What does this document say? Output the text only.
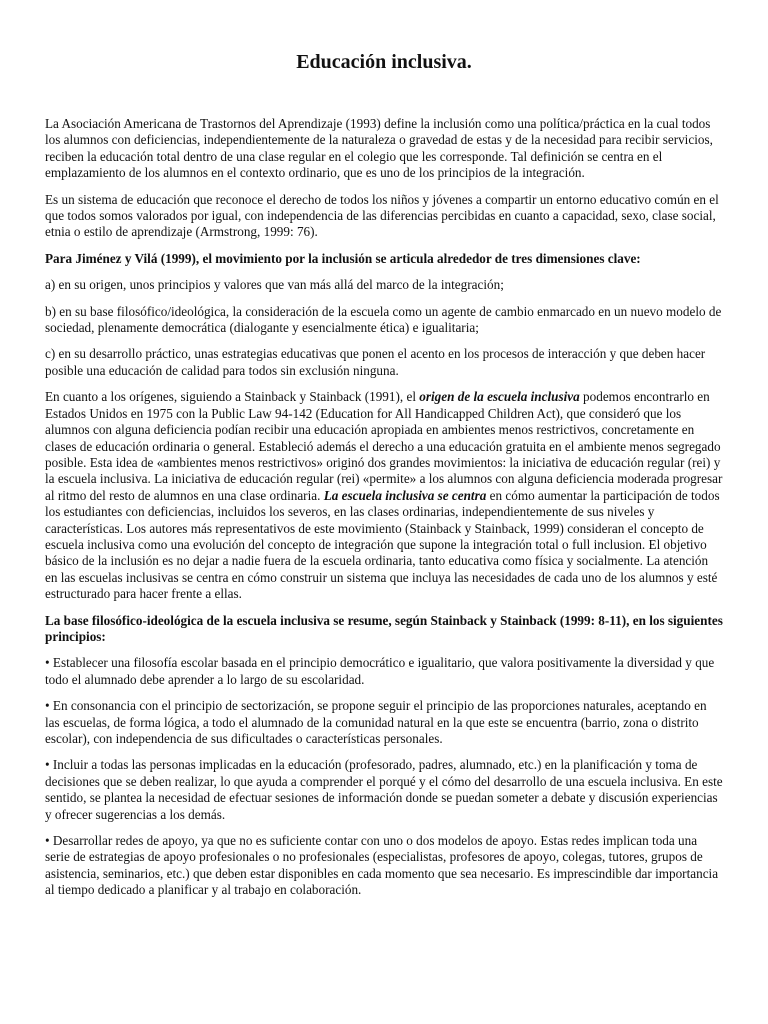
Educación inclusiva.

La Asociación Americana de Trastornos del Aprendizaje (1993) define la inclusión como una política/práctica en la cual todos los alumnos con deficiencias, independientemente de la naturaleza o gravedad de estas y de la necesidad para recibir servicios, reciben la educación total dentro de una clase regular en el colegio que les corresponde. Tal definición se centra en el emplazamiento de los alumnos en el contexto ordinario, que es uno de los principios de la integración.

Es un sistema de educación que reconoce el derecho de todos los niños y jóvenes a compartir un entorno educativo común en el que todos somos valorados por igual, con independencia de las diferencias percibidas en cuanto a capacidad, sexo, clase social, etnia o estilo de aprendizaje (Armstrong, 1999: 76).

Para Jiménez y Vilá (1999), el movimiento por la inclusión se articula alrededor de tres dimensiones clave:

a) en su origen, unos principios y valores que van más allá del marco de la integración;

b) en su base filosófico/ideológica, la consideración de la escuela como un agente de cambio enmarcado en un nuevo modelo de sociedad, plenamente democrática (dialogante y esencialmente ética) e igualitaria;

c) en su desarrollo práctico, unas estrategias educativas que ponen el acento en los procesos de interacción y que deben hacer posible una educación de calidad para todos sin exclusión ninguna.

En cuanto a los orígenes, siguiendo a Stainback y Stainback (1991), el origen de la escuela inclusiva podemos encontrarlo en Estados Unidos en 1975 con la Public Law 94-142 (Education for All Handicapped Children Act), que consideró que los alumnos con alguna deficiencia podían recibir una educación apropiada en ambientes menos restrictivos, concretamente en clases de educación ordinaria o general. Estableció además el derecho a una educación gratuita en el ambiente menos segregado posible. Esta idea de «ambientes menos restrictivos» originó dos grandes movimientos: la iniciativa de educación regular (rei) y la escuela inclusiva. La iniciativa de educación regular (rei) «permite» a los alumnos con alguna deficiencia moderada progresar al ritmo del resto de alumnos en una clase ordinaria. La escuela inclusiva se centra en cómo aumentar la participación de todos los estudiantes con deficiencias, incluidos los severos, en las clases ordinarias, independientemente de sus niveles y características. Los autores más representativos de este movimiento (Stainback y Stainback, 1999) consideran el concepto de escuela inclusiva como una evolución del concepto de integración que supone la integración total o full inclusion. El objetivo básico de la inclusión es no dejar a nadie fuera de la escuela ordinaria, tanto educativa como física y socialmente. La atención en las escuelas inclusivas se centra en cómo construir un sistema que incluya las necesidades de cada uno de los alumnos y esté estructurado para hacer frente a ellas.

La base filosófico-ideológica de la escuela inclusiva se resume, según Stainback y Stainback (1999: 8-11), en los siguientes principios:

• Establecer una filosofía escolar basada en el principio democrático e igualitario, que valora positivamente la diversidad y que todo el alumnado debe aprender a lo largo de su escolaridad.

• En consonancia con el principio de sectorización, se propone seguir el principio de las proporciones naturales, aceptando en las escuelas, de forma lógica, a todo el alumnado de la comunidad natural en la que este se encuentra (barrio, zona o distrito escolar), con independencia de sus dificultades o características personales.

• Incluir a todas las personas implicadas en la educación (profesorado, padres, alumnado, etc.) en la planificación y toma de decisiones que se deben realizar, lo que ayuda a comprender el porqué y el cómo del desarrollo de una escuela inclusiva. En este sentido, se plantea la necesidad de efectuar sesiones de información donde se puedan someter a debate y discusión experiencias y ofrecer sugerencias a los demás.

• Desarrollar redes de apoyo, ya que no es suficiente contar con uno o dos modelos de apoyo. Estas redes implican toda una serie de estrategias de apoyo profesionales o no profesionales (especialistas, profesores de apoyo, colegas, tutores, grupos de asistencia, seminarios, etc.) que deben estar disponibles en cada momento que sea necesario. Es imprescindible dar importancia al tiempo dedicado a planificar y al trabajo en colaboración.
